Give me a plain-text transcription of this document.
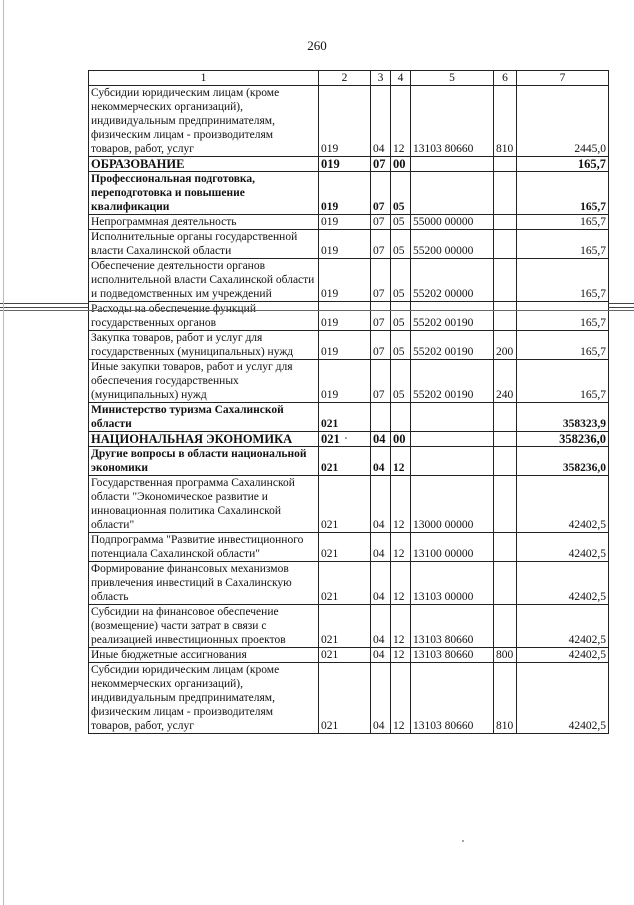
260
1	2	3	4	5	6	7
Субсидии юридическим лицам (кроме некоммерческих организаций), индивидуальным предпринимателям, физическим лицам - производителям товаров, работ, услуг	019	04	12	13103 80660	810	2445,0
ОБРАЗОВАНИЕ	019	07	00			165,7
Профессиональная подготовка, переподготовка и повышение квалификации	019	07	05			165,7
Непрограммная деятельность	019	07	05	55000 00000		165,7
Исполнительные органы государственной власти Сахалинской области	019	07	05	55200 00000		165,7
Обеспечение деятельности органов исполнительной власти Сахалинской области и подведомственных им учреждений	019	07	05	55202 00000		165,7
Расходы на обеспечение функций государственных органов	019	07	05	55202 00190		165,7
Закупка товаров, работ и услуг для государственных (муниципальных) нужд	019	07	05	55202 00190	200	165,7
Иные закупки товаров, работ и услуг для обеспечения государственных (муниципальных) нужд	019	07	05	55202 00190	240	165,7
Министерство туризма Сахалинской области	021					358323,9
НАЦИОНАЛЬНАЯ ЭКОНОМИКА	021	04	00			358236,0
Другие вопросы в области национальной экономики	021	04	12			358236,0
Государственная программа Сахалинской области "Экономическое развитие и инновационная политика Сахалинской области"	021	04	12	13000 00000		42402,5
Подпрограмма "Развитие инвестиционного потенциала Сахалинской области"	021	04	12	13100 00000		42402,5
Формирование финансовых механизмов привлечения инвестиций в Сахалинскую область	021	04	12	13103 00000		42402,5
Субсидии на финансовое обеспечение (возмещение) части затрат в связи с реализацией инвестиционных проектов	021	04	12	13103 80660		42402,5
Иные бюджетные ассигнования	021	04	12	13103 80660	800	42402,5
Субсидии юридическим лицам (кроме некоммерческих организаций), индивидуальным предпринимателям, физическим лицам - производителям товаров, работ, услуг	021	04	12	13103 80660	810	42402,5
